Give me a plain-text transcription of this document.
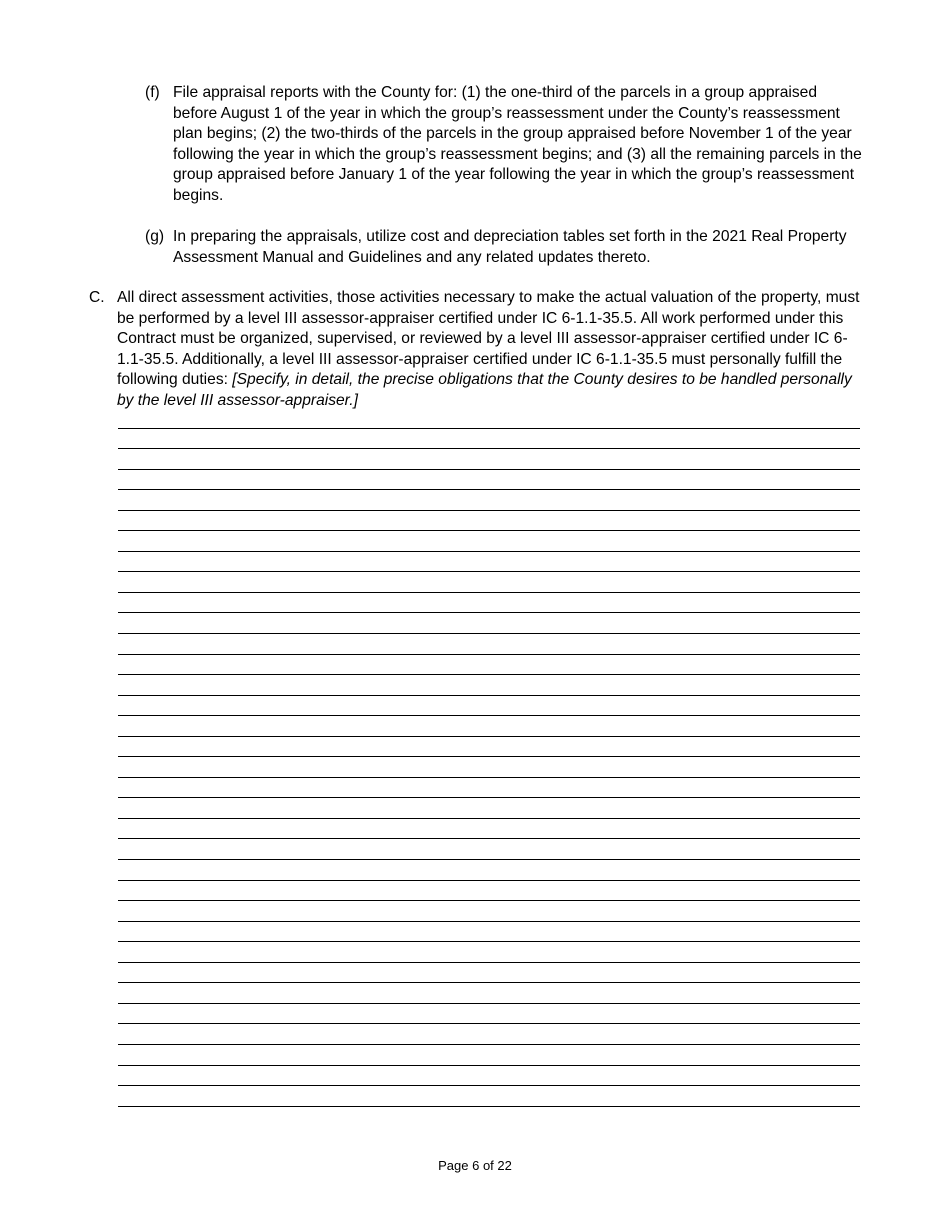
(f) File appraisal reports with the County for: (1) the one-third of the parcels in a group appraised before August 1 of the year in which the group’s reassessment under the County’s reassessment plan begins; (2) the two-thirds of the parcels in the group appraised before November 1 of the year following the year in which the group’s reassessment begins; and (3) all the remaining parcels in the group appraised before January 1 of the year following the year in which the group’s reassessment begins.
(g) In preparing the appraisals, utilize cost and depreciation tables set forth in the 2021 Real Property Assessment Manual and Guidelines and any related updates thereto.
C. All direct assessment activities, those activities necessary to make the actual valuation of the property, must be performed by a level III assessor-appraiser certified under IC 6-1.1-35.5. All work performed under this Contract must be organized, supervised, or reviewed by a level III assessor-appraiser certified under IC 6-1.1-35.5. Additionally, a level III assessor-appraiser certified under IC 6-1.1-35.5 must personally fulfill the following duties: [Specify, in detail, the precise obligations that the County desires to be handled personally by the level III assessor-appraiser.]
Page 6 of 22
